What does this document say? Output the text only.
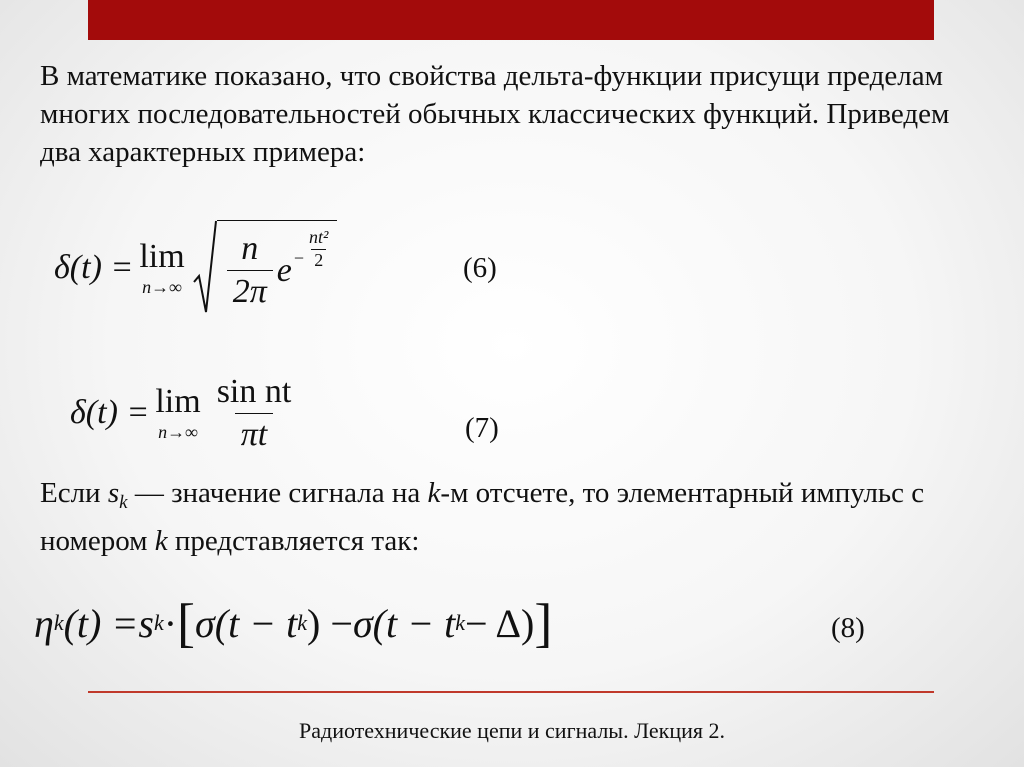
В математике показано, что свойства дельта-функции присущи пределам многих последовательностей обычных классических функций. Приведем два характерных примера:

δ(t) = lim
$n\to\infty \frac{n}{2\pi}$ $e - \frac{\text{nt²}}{2}$	(6)
δ(t) = lim
$n\to\infty \frac{\text{sin nt}}{\pi t}$	(7)

Если $s_k$ — значение сигнала на k-м отсчете, то элементарный импульс с номером k представляется так:

η k (t) = s k · [ σ(t − t k ) − σ(t − t k − Δ) ]	(8)
Радиотехнические цепи и сигналы. Лекция 2.
